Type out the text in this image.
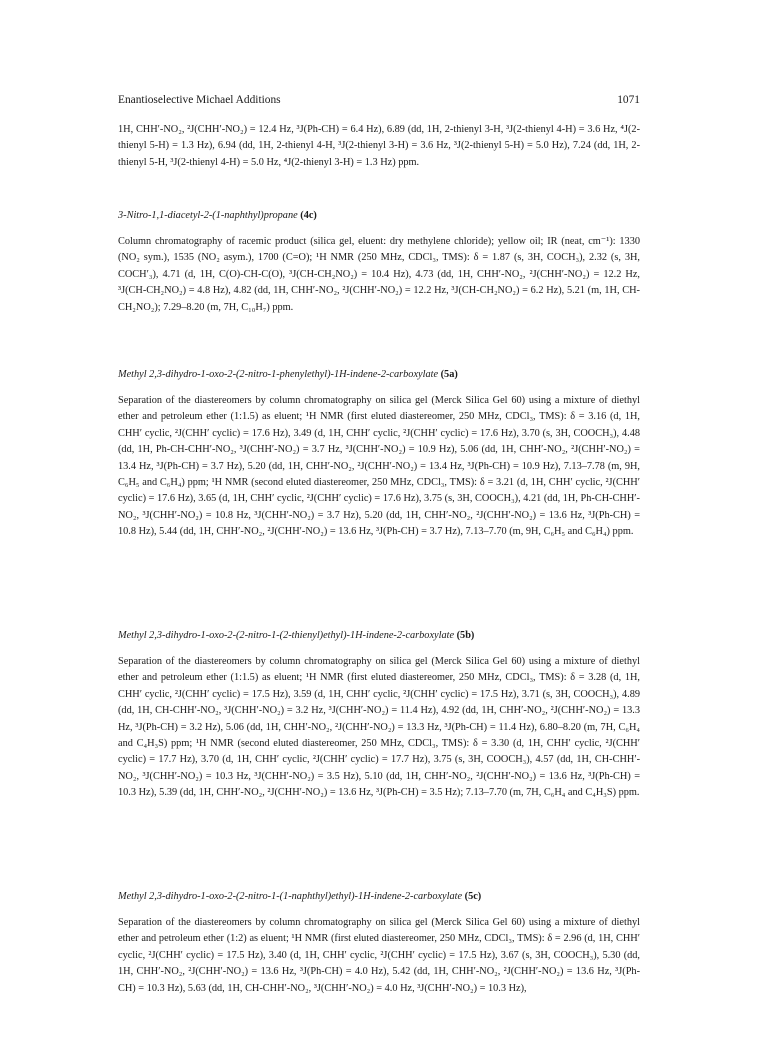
Enantioselective Michael Additions	1071

1H, CHH′-NO₂, ²J(CHH′-NO₂) = 12.4 Hz, ³J(Ph-CH) = 6.4 Hz), 6.89 (dd, 1H, 2-thienyl 3-H, ³J(2-thienyl 4-H) = 3.6 Hz, ⁴J(2-thienyl 5-H) = 1.3 Hz), 6.94 (dd, 1H, 2-thienyl 4-H, ³J(2-thienyl 3-H) = 3.6 Hz, ³J(2-thienyl 5-H) = 5.0 Hz), 7.24 (dd, 1H, 2-thienyl 5-H, ³J(2-thienyl 4-H) = 5.0 Hz, ⁴J(2-thienyl 3-H) = 1.3 Hz) ppm.

3-Nitro-1,1-diacetyl-2-(1-naphthyl)propane (4c)

Column chromatography of racemic product (silica gel, eluent: dry methylene chloride); yellow oil; IR (neat, cm⁻¹): 1330 (NO₂ sym.), 1535 (NO₂ asym.), 1700 (C=O); ¹H NMR (250 MHz, CDCl₃, TMS): δ = 1.87 (s, 3H, COCH₃), 2.32 (s, 3H, COCH′₃), 4.71 (d, 1H, C(O)-CH-C(O), ³J(CH-CH₂NO₂) = 10.4 Hz), 4.73 (dd, 1H, CHH′-NO₂, ²J(CHH′-NO₂) = 12.2 Hz, ³J(CH-CH₂NO₂) = 4.8 Hz), 4.82 (dd, 1H, CHH′-NO₂, ²J(CHH′-NO₂) = 12.2 Hz, ³J(CH-CH₂NO₂) = 6.2 Hz), 5.21 (m, 1H, CH-CH₂NO₂); 7.29–8.20 (m, 7H, C₁₀H₇) ppm.

Methyl 2,3-dihydro-1-oxo-2-(2-nitro-1-phenylethyl)-1H-indene-2-carboxylate (5a)

Separation of the diastereomers by column chromatography on silica gel (Merck Silica Gel 60) using a mixture of diethyl ether and petroleum ether (1:1.5) as eluent; ¹H NMR (first eluted diastereomer, 250 MHz, CDCl₃, TMS): δ = 3.16 (d, 1H, CHH′ cyclic, ²J(CHH′ cyclic) = 17.6 Hz), 3.49 (d, 1H, CHH′ cyclic, ²J(CHH′ cyclic) = 17.6 Hz), 3.70 (s, 3H, COOCH₃), 4.48 (dd, 1H, Ph-CH-CHH′-NO₂, ³J(CHH′-NO₂) = 3.7 Hz, ³J(CHH′-NO₂) = 10.9 Hz), 5.06 (dd, 1H, CHH′-NO₂, ²J(CHH′-NO₂) = 13.4 Hz, ³J(Ph-CH) = 3.7 Hz), 5.20 (dd, 1H, CHH′-NO₂, ²J(CHH′-NO₂) = 13.4 Hz, ³J(Ph-CH) = 10.9 Hz), 7.13–7.78 (m, 9H, C₆H₅ and C₆H₄) ppm; ¹H NMR (second eluted diastereomer, 250 MHz, CDCl₃, TMS): δ = 3.21 (d, 1H, CHH′ cyclic, ²J(CHH′ cyclic) = 17.6 Hz), 3.65 (d, 1H, CHH′ cyclic, ²J(CHH′ cyclic) = 17.6 Hz), 3.75 (s, 3H, COOCH₃), 4.21 (dd, 1H, Ph-CH-CHH′-NO₂, ³J(CHH′-NO₂) = 10.8 Hz, ³J(CHH′-NO₂) = 3.7 Hz), 5.20 (dd, 1H, CHH′-NO₂, ²J(CHH′-NO₂) = 13.6 Hz, ³J(Ph-CH) = 10.8 Hz), 5.44 (dd, 1H, CHH′-NO₂, ²J(CHH′-NO₂) = 13.6 Hz, ³J(Ph-CH) = 3.7 Hz), 7.13–7.70 (m, 9H, C₆H₅ and C₆H₄) ppm.

Methyl 2,3-dihydro-1-oxo-2-(2-nitro-1-(2-thienyl)ethyl)-1H-indene-2-carboxylate (5b)

Separation of the diastereomers by column chromatography on silica gel (Merck Silica Gel 60) using a mixture of diethyl ether and petroleum ether (1:1.5) as eluent; ¹H NMR (first eluted diastereomer, 250 MHz, CDCl₃, TMS): δ = 3.28 (d, 1H, CHH′ cyclic, ²J(CHH′ cyclic) = 17.5 Hz), 3.59 (d, 1H, CHH′ cyclic, ²J(CHH′ cyclic) = 17.5 Hz), 3.71 (s, 3H, COOCH₃), 4.89 (dd, 1H, CH-CHH′-NO₂, ³J(CHH′-NO₂) = 3.2 Hz, ³J(CHH′-NO₂) = 11.4 Hz), 4.92 (dd, 1H, CHH′-NO₂, ²J(CHH′-NO₂) = 13.3 Hz, ³J(Ph-CH) = 3.2 Hz), 5.06 (dd, 1H, CHH′-NO₂, ²J(CHH′-NO₂) = 13.3 Hz, ³J(Ph-CH) = 11.4 Hz), 6.80–8.20 (m, 7H, C₆H₄ and C₄H₃S) ppm; ¹H NMR (second eluted diastereomer, 250 MHz, CDCl₃, TMS): δ = 3.30 (d, 1H, CHH′ cyclic, ²J(CHH′ cyclic) = 17.7 Hz), 3.70 (d, 1H, CHH′ cyclic, ²J(CHH′ cyclic) = 17.7 Hz), 3.75 (s, 3H, COOCH₃), 4.57 (dd, 1H, CH-CHH′-NO₂, ³J(CHH′-NO₂) = 10.3 Hz, ³J(CHH′-NO₂) = 3.5 Hz), 5.10 (dd, 1H, CHH′-NO₂, ²J(CHH′-NO₂) = 13.6 Hz, ³J(Ph-CH) = 10.3 Hz), 5.39 (dd, 1H, CHH′-NO₂, ²J(CHH′-NO₂) = 13.6 Hz, ³J(Ph-CH) = 3.5 Hz); 7.13–7.70 (m, 7H, C₆H₄ and C₄H₃S) ppm.

Methyl 2,3-dihydro-1-oxo-2-(2-nitro-1-(1-naphthyl)ethyl)-1H-indene-2-carboxylate (5c)

Separation of the diastereomers by column chromatography on silica gel (Merck Silica Gel 60) using a mixture of diethyl ether and petroleum ether (1:2) as eluent; ¹H NMR (first eluted diastereomer, 250 MHz, CDCl₃, TMS): δ = 2.96 (d, 1H, CHH′ cyclic, ²J(CHH′ cyclic) = 17.5 Hz), 3.40 (d, 1H, CHH′ cyclic, ²J(CHH′ cyclic) = 17.5 Hz), 3.67 (s, 3H, COOCH₃), 5.30 (dd, 1H, CHH′-NO₂, ²J(CHH′-NO₂) = 13.6 Hz, ³J(Ph-CH) = 4.0 Hz), 5.42 (dd, 1H, CHH′-NO₂, ²J(CHH′-NO₂) = 13.6 Hz, ³J(Ph-CH) = 10.3 Hz), 5.63 (dd, 1H, CH-CHH′-NO₂, ³J(CHH′-NO₂) = 4.0 Hz, ³J(CHH′-NO₂) = 10.3 Hz),
